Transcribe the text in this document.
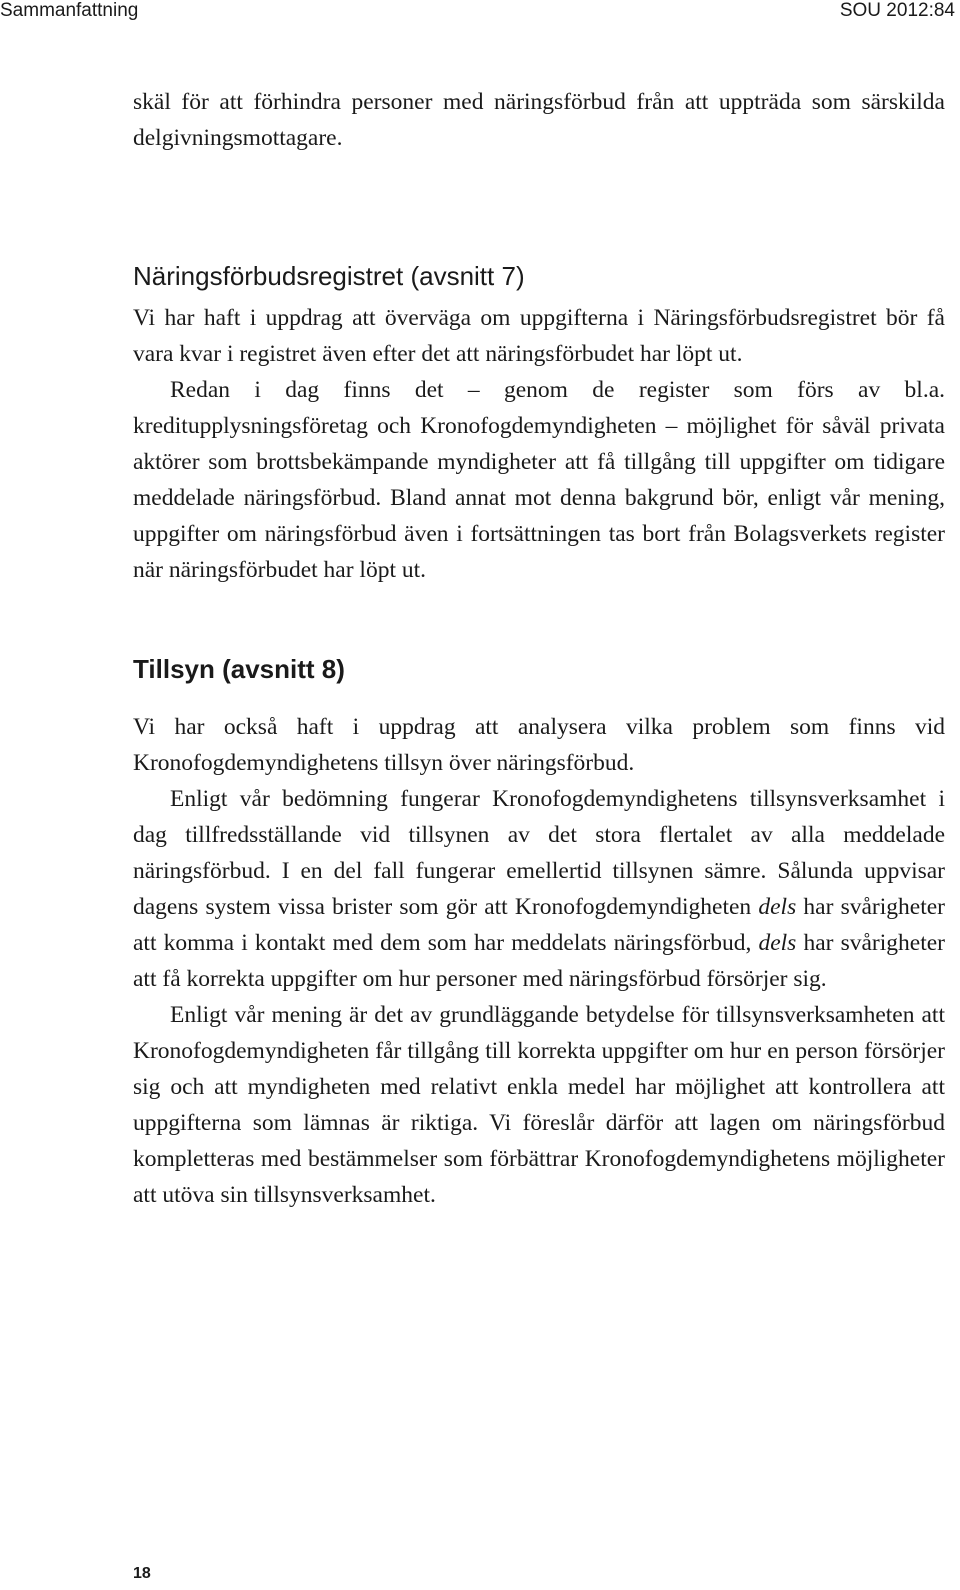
Sammanfattning	SOU 2012:84

skäl för att förhindra personer med näringsförbud från att uppträda som särskilda delgivningsmottagare.

Näringsförbudsregistret (avsnitt 7)

Vi har haft i uppdrag att överväga om uppgifterna i Näringsförbudsregistret bör få vara kvar i registret även efter det att näringsförbudet har löpt ut.

Redan i dag finns det – genom de register som förs av bl.a. kreditupplysningsföretag och Kronofogdemyndigheten – möjlighet för såväl privata aktörer som brottsbekämpande myndigheter att få tillgång till uppgifter om tidigare meddelade näringsförbud. Bland annat mot denna bakgrund bör, enligt vår mening, uppgifter om näringsförbud även i fortsättningen tas bort från Bolagsverkets register när näringsförbudet har löpt ut.

Tillsyn (avsnitt 8)

Vi har också haft i uppdrag att analysera vilka problem som finns vid Kronofogdemyndighetens tillsyn över näringsförbud.

Enligt vår bedömning fungerar Kronofogdemyndighetens tillsynsverksamhet i dag tillfredsställande vid tillsynen av det stora flertalet av alla meddelade näringsförbud. I en del fall fungerar emellertid tillsynen sämre. Sålunda uppvisar dagens system vissa brister som gör att Kronofogdemyndigheten dels har svårigheter att komma i kontakt med dem som har meddelats näringsförbud, dels har svårigheter att få korrekta uppgifter om hur personer med näringsförbud försörjer sig.

Enligt vår mening är det av grundläggande betydelse för tillsynsverksamheten att Kronofogdemyndigheten får tillgång till korrekta uppgifter om hur en person försörjer sig och att myndigheten med relativt enkla medel har möjlighet att kontrollera att uppgifterna som lämnas är riktiga. Vi föreslår därför att lagen om näringsförbud kompletteras med bestämmelser som förbättrar Kronofogdemyndighetens möjligheter att utöva sin tillsynsverksamhet.

18
